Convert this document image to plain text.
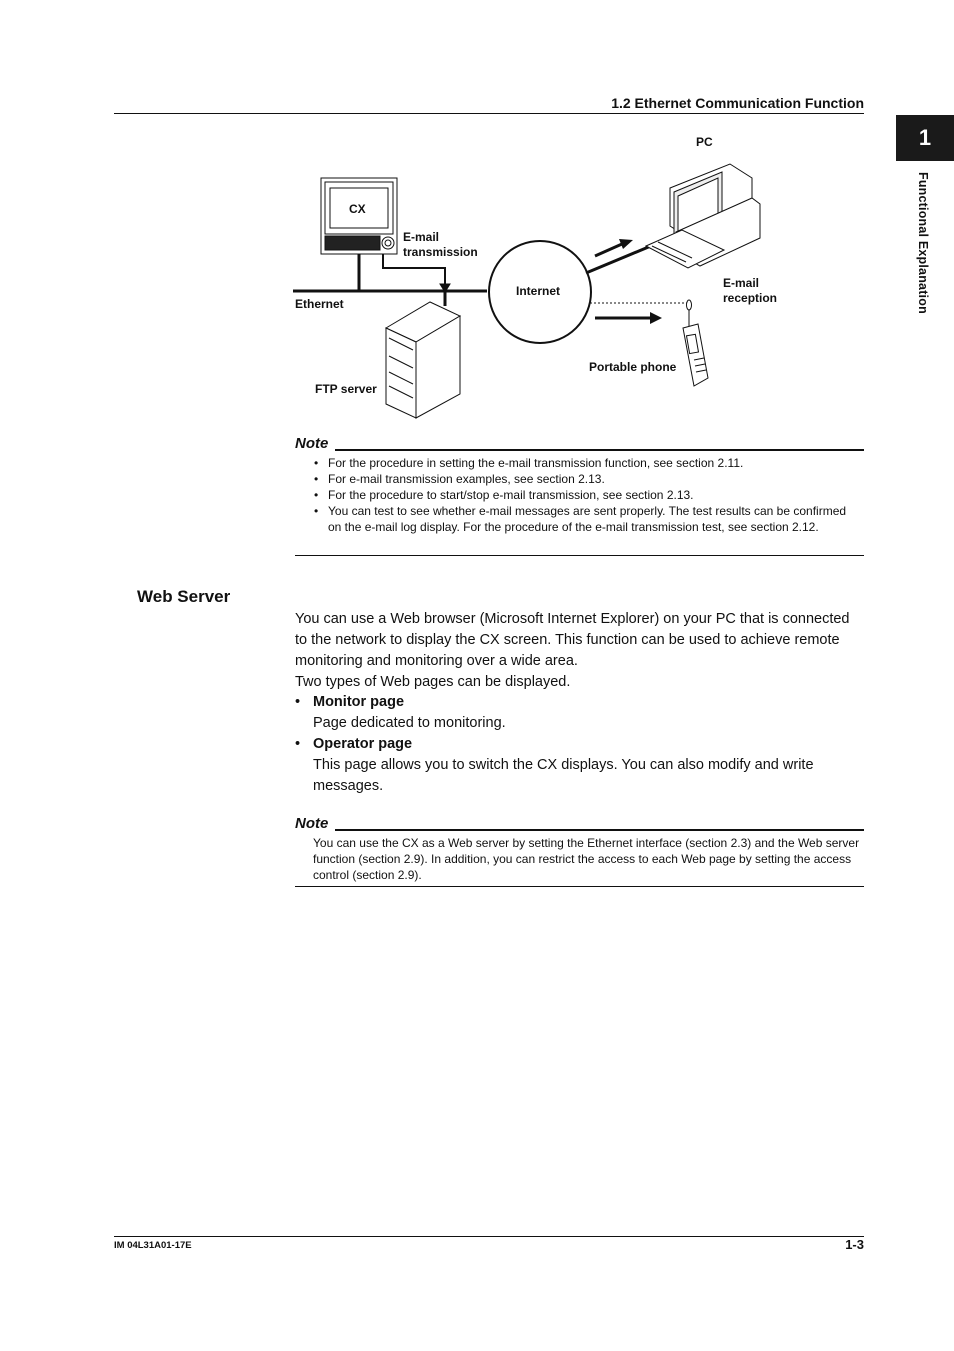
1.2 Ethernet Communication Function
1
Functional Explanation
CX
E-mail
transmission
Ethernet
Internet
PC
E-mail
reception
FTP server
Portable phone
Note
• For the procedure in setting the e-mail transmission function, see section 2.11.
• For e-mail transmission examples, see section 2.13.
• For the procedure to start/stop e-mail transmission, see section 2.13.
• You can test to see whether e-mail messages are sent properly. The test results can be confirmed on the e-mail log display. For the procedure of the e-mail transmission test, see section 2.12.
Web Server
You can use a Web browser (Microsoft Internet Explorer) on your PC that is connected to the network to display the CX screen. This function can be used to achieve remote monitoring and monitoring over a wide area.
Two types of Web pages can be displayed.
• Monitor page
Page dedicated to monitoring.
• Operator page
This page allows you to switch the CX displays. You can also modify and write messages.
Note
You can use the CX as a Web server by setting the Ethernet interface (section 2.3) and the Web server function (section 2.9). In addition, you can restrict the access to each Web page by setting the access control (section 2.9).
IM 04L31A01-17E	1-3
